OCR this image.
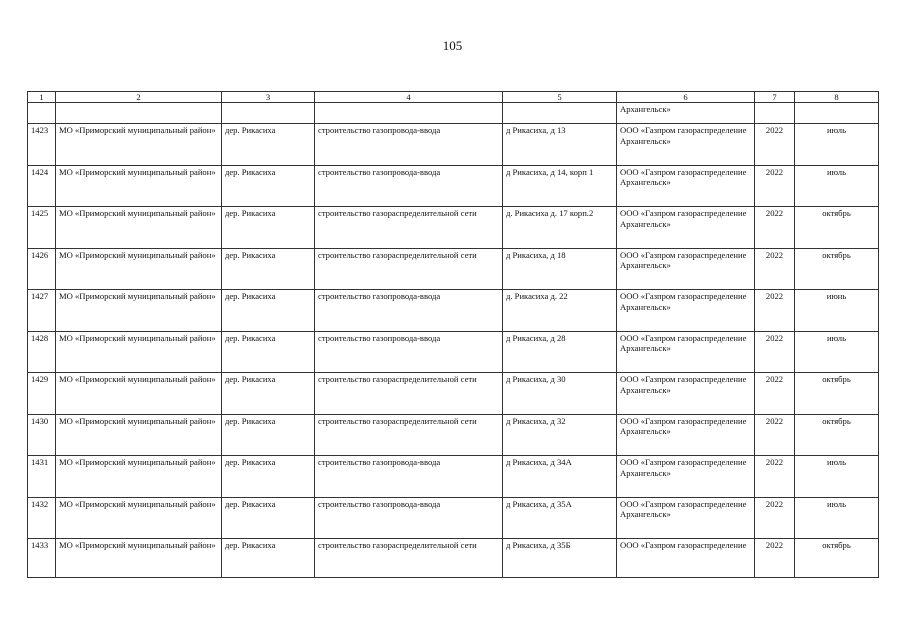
105
1	2	3	4	5	6	7	8
					Архангельск»		
1423	МО «Приморский муниципальный район»	дер. Рикасиха	строительство газопровода-ввода	д Рикасиха, д 13	ООО «Газпром газораспределение Архангельск»	2022	июль
1424	МО «Приморский муниципальный район»	дер. Рикасиха	строительство газопровода-ввода	д Рикасиха, д 14, корп 1	ООО «Газпром газораспределение Архангельск»	2022	июль
1425	МО «Приморский муниципальный район»	дер. Рикасиха	строительство газораспределительной сети	д. Рикасиха д. 17 корп.2	ООО «Газпром газораспределение Архангельск»	2022	октябрь
1426	МО «Приморский муниципальный район»	дер. Рикасиха	строительство газораспределительной сети	д Рикасиха, д 18	ООО «Газпром газораспределение Архангельск»	2022	октябрь
1427	МО «Приморский муниципальный район»	дер. Рикасиха	строительство газопровода-ввода	д. Рикасиха д. 22	ООО «Газпром газораспределение Архангельск»	2022	июнь
1428	МО «Приморский муниципальный район»	дер. Рикасиха	строительство газопровода-ввода	д Рикасиха, д 28	ООО «Газпром газораспределение Архангельск»	2022	июль
1429	МО «Приморский муниципальный район»	дер. Рикасиха	строительство газораспределительной сети	д Рикасиха, д 30	ООО «Газпром газораспределение Архангельск»	2022	октябрь
1430	МО «Приморский муниципальный район»	дер. Рикасиха	строительство газораспределительной сети	д Рикасиха, д 32	ООО «Газпром газораспределение Архангельск»	2022	октябрь
1431	МО «Приморский муниципальный район»	дер. Рикасиха	строительство газопровода-ввода	д Рикасиха, д 34А	ООО «Газпром газораспределение Архангельск»	2022	июль
1432	МО «Приморский муниципальный район»	дер. Рикасиха	строительство газопровода-ввода	д Рикасиха, д 35А	ООО «Газпром газораспределение Архангельск»	2022	июль
1433	МО «Приморский муниципальный район»	дер. Рикасиха	строительство газораспределительной сети	д Рикасиха, д 35Б	ООО «Газпром газораспределение	2022	октябрь
